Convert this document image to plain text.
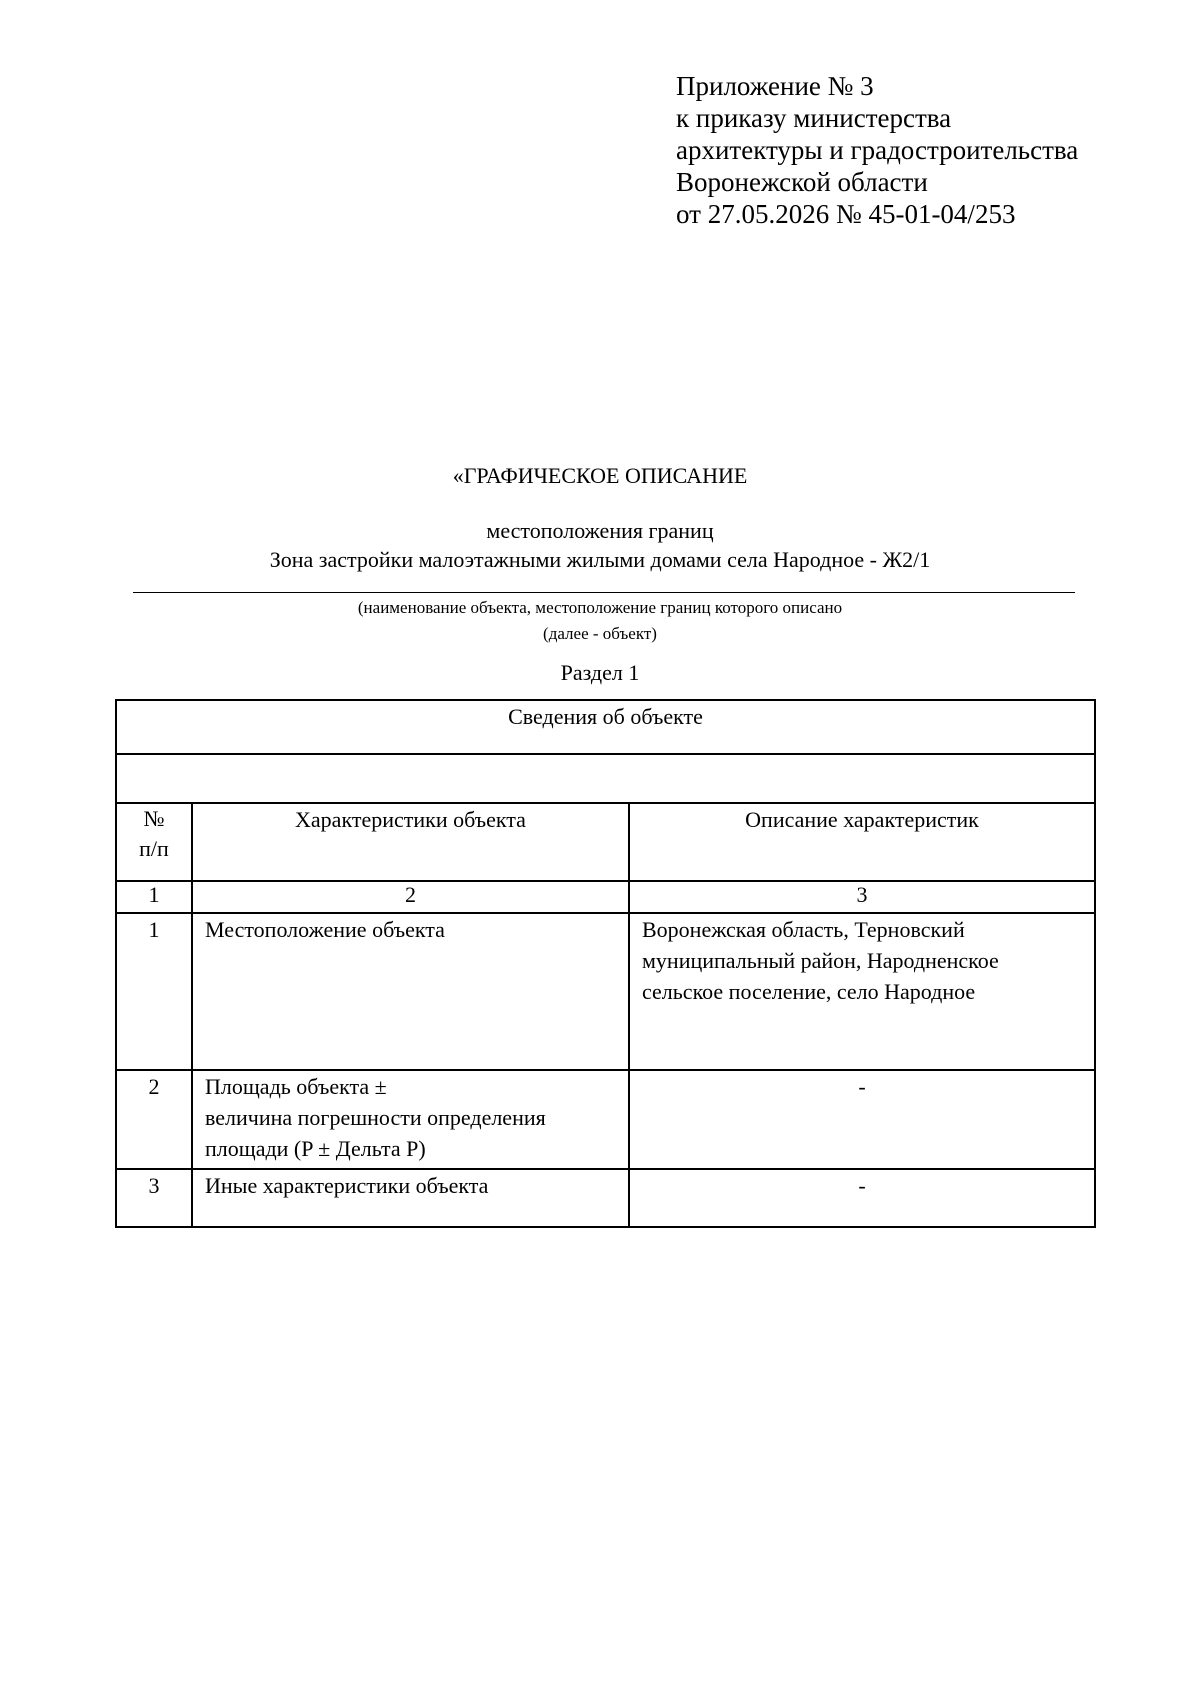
Приложение № 3
к приказу министерства
архитектуры и градостроительства
Воронежской области
от 27.05.2026 № 45-01-04/253
«ГРАФИЧЕСКОЕ ОПИСАНИЕ
местоположения границ
Зона застройки малоэтажными жилыми домами села Народное - Ж2/1
(наименование объекта, местоположение границ которого описано
(далее - объект)
Раздел 1
Сведения об объекте		

№
п/п	Характеристики объекта	Описание характеристик
1	2	3
1	Местоположение объекта	Воронежская область, Терновский
муниципальный район, Народненское
сельское поселение, село Народное

2	Площадь объекта ±
величина погрешности определения
площади (P ± Дельта P)	-

3	Иные характеристики объекта	-
